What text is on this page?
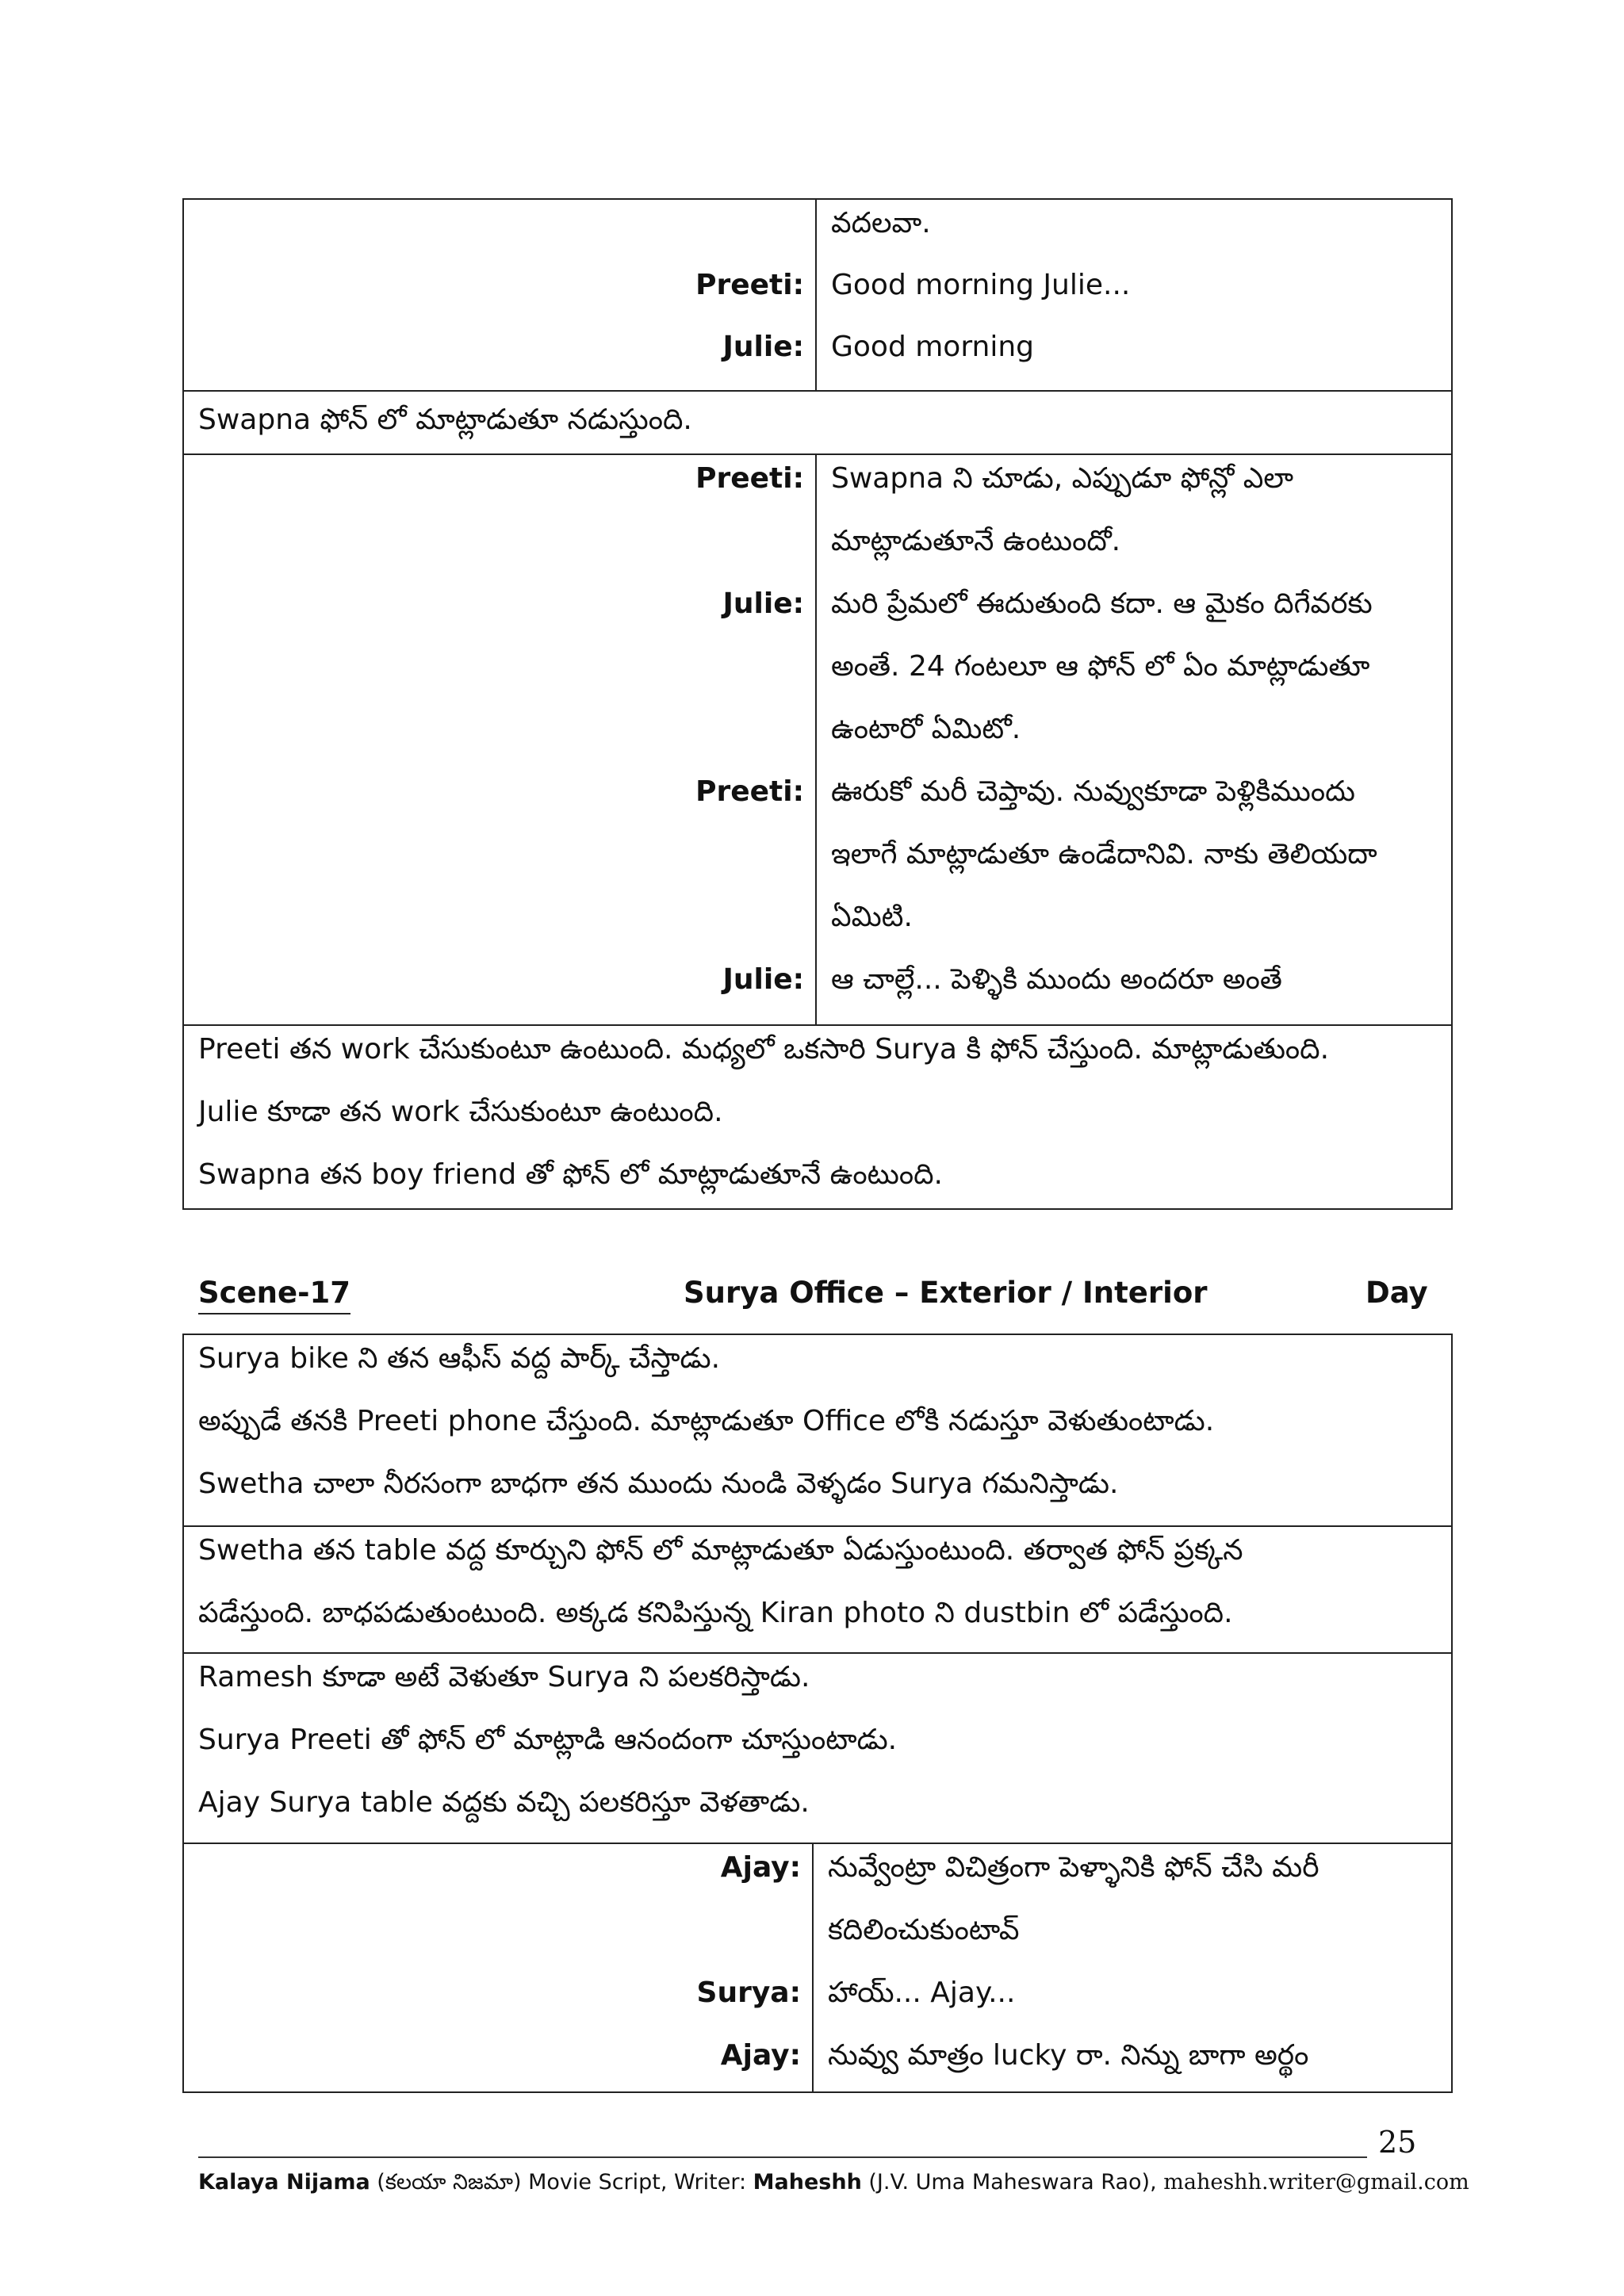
వదలవా.
Preeti: Good morning Julie...
Julie: Good morning
Swapna ఫోన్ లో మాట్లాడుతూ నడుస్తుంది.
Preeti: Swapna ని చూడు, ఎప్పుడూ ఫోన్లో ఎలా
మాట్లాడుతూనే ఉంటుందో.
Julie: మరి ప్రేమలో ఈదుతుంది కదా. ఆ మైకం దిగేవరకు
అంతే. 24 గంటలూ ఆ ఫోన్ లో ఏం మాట్లాడుతూ
ఉంటారో ఏమిటో.
Preeti: ఊరుకో మరీ చెప్తావు. నువ్వుకూడా పెళ్లికిముందు
ఇలాగే మాట్లాడుతూ ఉండేదానివి. నాకు తెలియదా
ఏమిటి.
Julie: ఆ చాల్లే... పెళ్ళికి ముందు అందరూ అంతే
Preeti తన work చేసుకుంటూ ఉంటుంది. మధ్యలో ఒకసారి Surya కి ఫోన్ చేస్తుంది. మాట్లాడుతుంది.
Julie కూడా తన work చేసుకుంటూ ఉంటుంది.
Swapna తన boy friend తో ఫోన్ లో మాట్లాడుతూనే ఉంటుంది.
Scene-17	Surya Office – Exterior / Interior	Day
Surya bike ని తన ఆఫీస్ వద్ద పార్క్ చేస్తాడు.
అప్పుడే తనకి Preeti phone చేస్తుంది. మాట్లాడుతూ Office లోకి నడుస్తూ వెళుతుంటాడు.
Swetha చాలా నీరసంగా బాధగా తన ముందు నుండి వెళ్ళడం Surya గమనిస్తాడు.
Swetha తన table వద్ద కూర్చుని ఫోన్ లో మాట్లాడుతూ ఏడుస్తుంటుంది. తర్వాత ఫోన్ ప్రక్కన
పడేస్తుంది. బాధపడుతుంటుంది. అక్కడ కనిపిస్తున్న Kiran photo ని dustbin లో పడేస్తుంది.
Ramesh కూడా అటే వెళుతూ Surya ని పలకరిస్తాడు.
Surya Preeti తో ఫోన్ లో మాట్లాడి ఆనందంగా చూస్తుంటాడు.
Ajay Surya table వద్దకు వచ్చి పలకరిస్తూ వెళతాడు.
Ajay: నువ్వేంట్రా విచిత్రంగా పెళ్ళానికి ఫోన్ చేసి మరీ
కదిలించుకుంటావ్
Surya: హాయ్... Ajay...
Ajay: నువ్వు మాత్రం lucky రా. నిన్ను బాగా అర్థం
25
Kalaya Nijama (కలయా నిజమా) Movie Script, Writer: Maheshh (J.V. Uma Maheswara Rao), maheshh.writer@gmail.com
